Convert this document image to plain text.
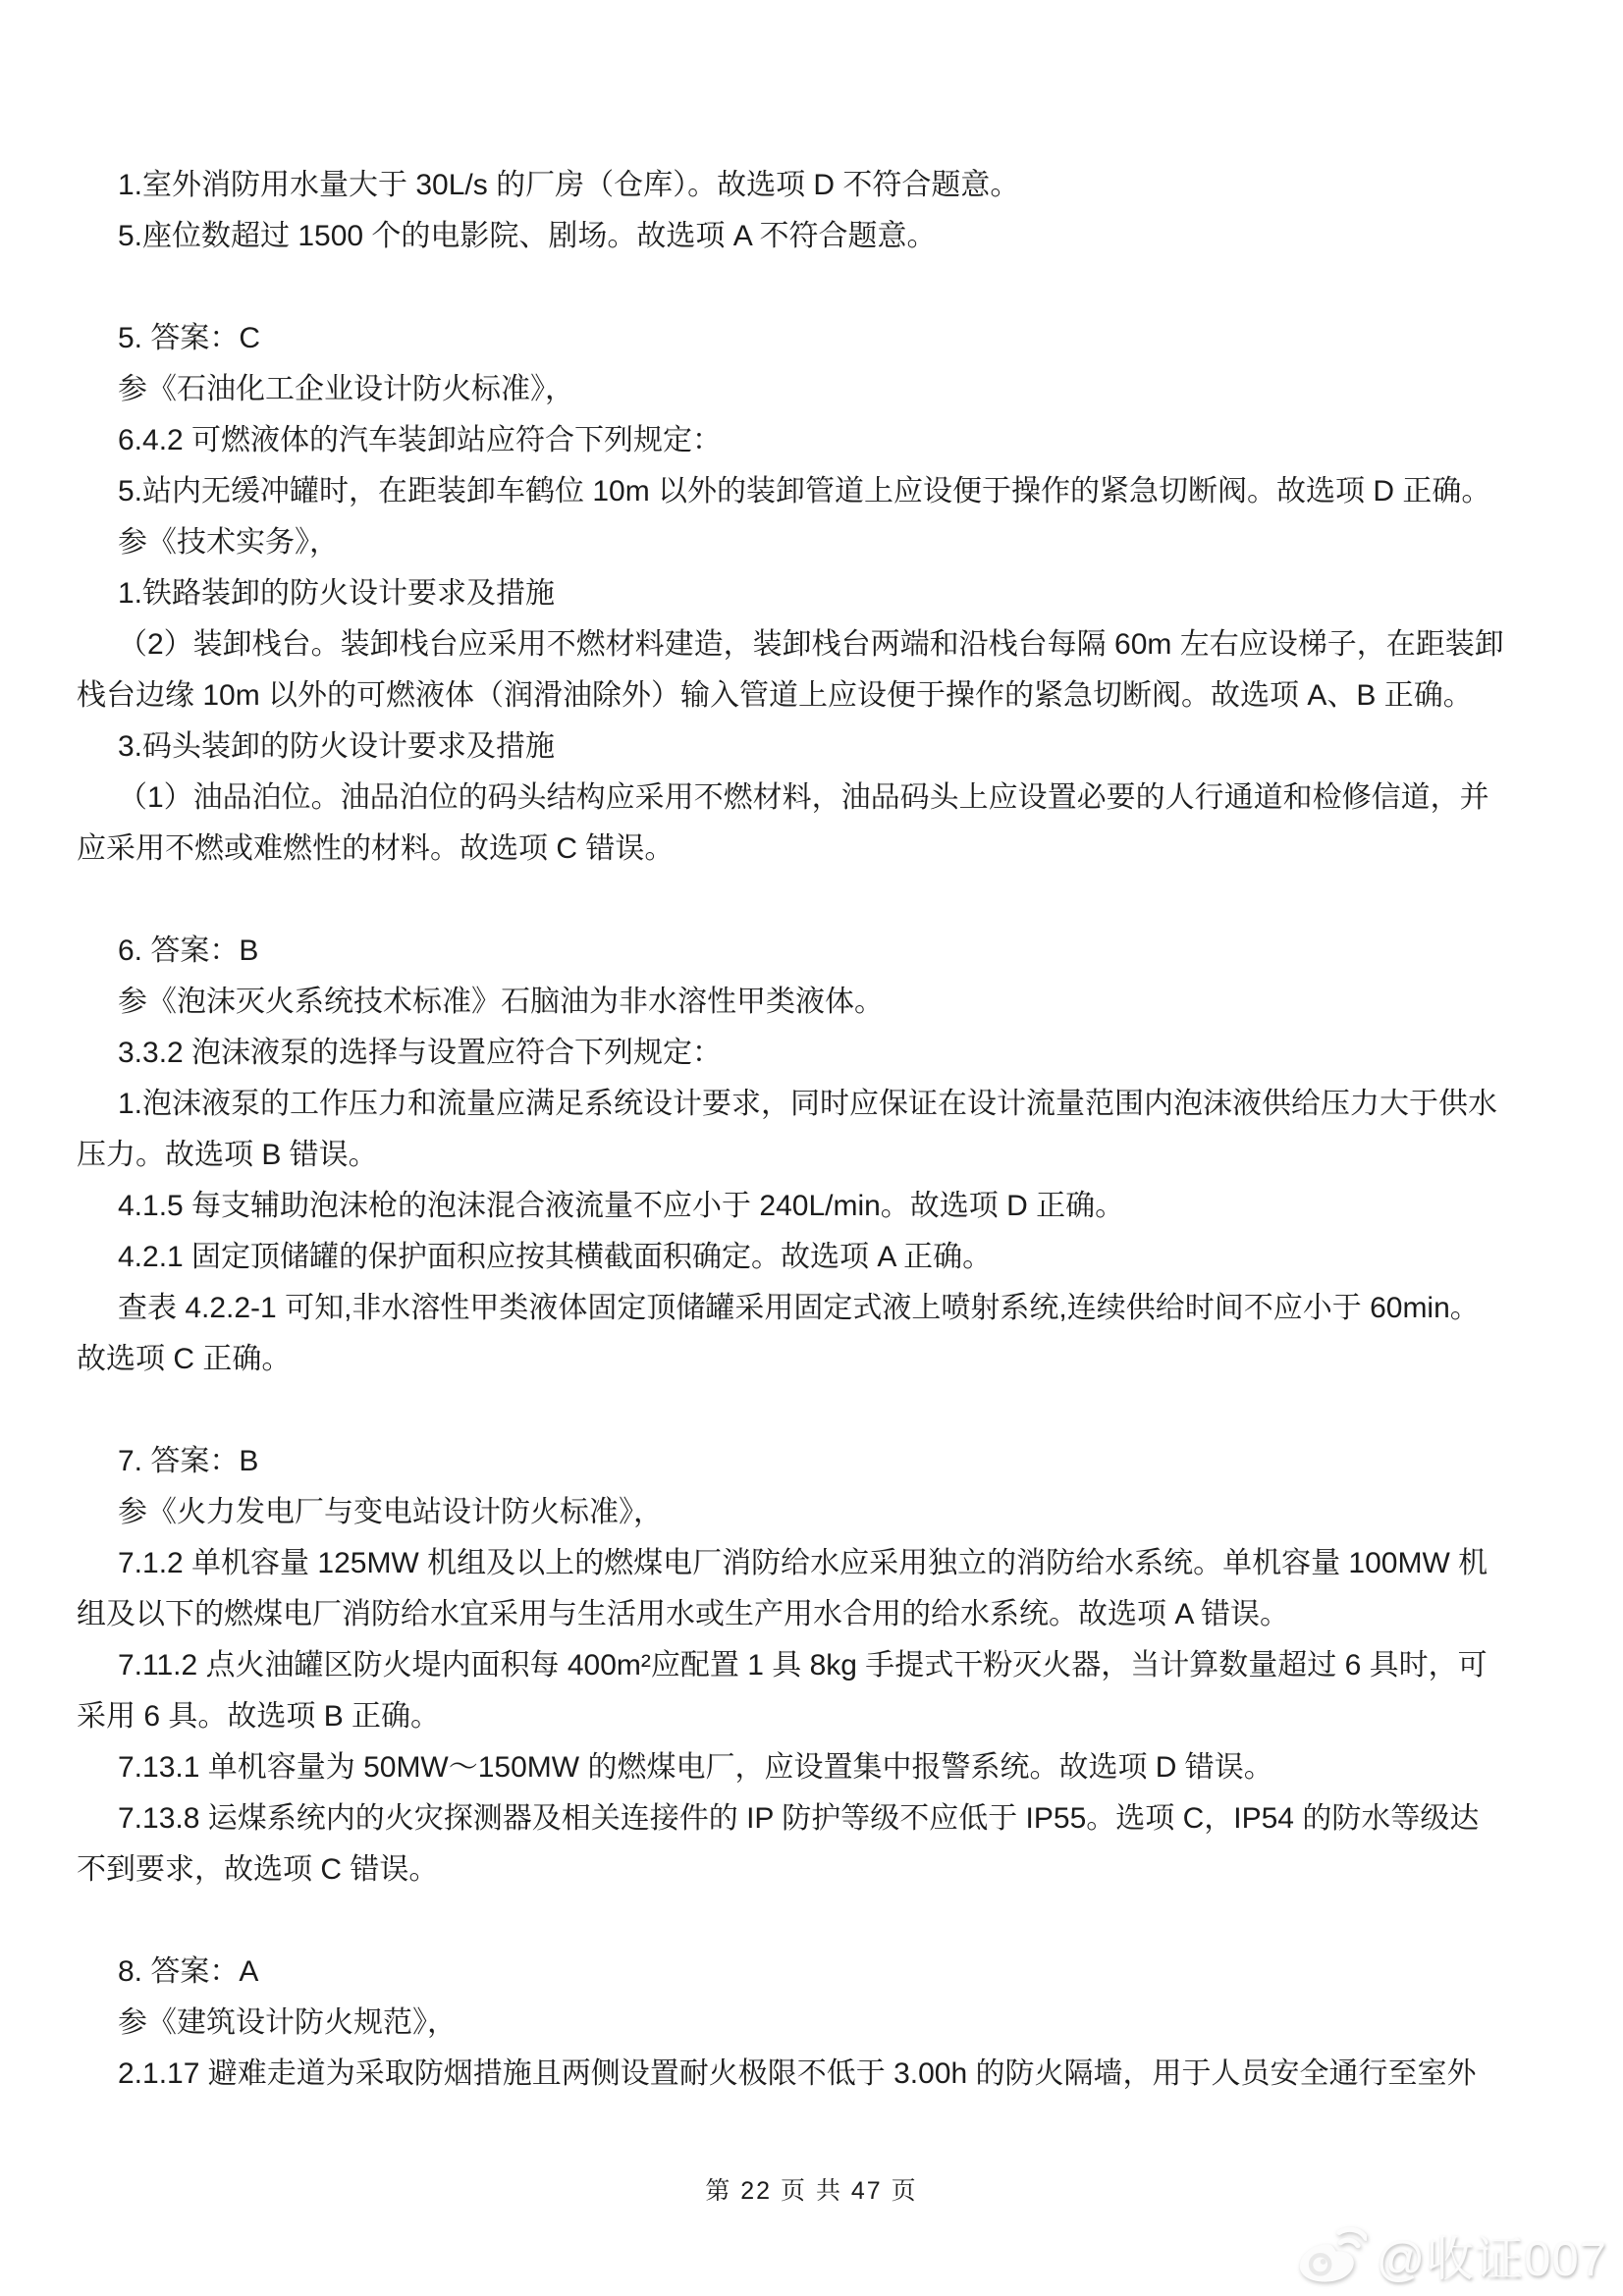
1.室外消防用水量大于 30L/s 的厂房（仓库）。故选项 D 不符合题意。
5.座位数超过 1500 个的电影院、剧场。故选项 A 不符合题意。
5. 答案：C
参《石油化工企业设计防火标准》，
6.4.2 可燃液体的汽车装卸站应符合下列规定：
5.站内无缓冲罐时，在距装卸车鹤位 10m 以外的装卸管道上应设便于操作的紧急切断阀。故选项 D 正确。
参《技术实务》，
1.铁路装卸的防火设计要求及措施
（2）装卸栈台。装卸栈台应采用不燃材料建造，装卸栈台两端和沿栈台每隔 60m 左右应设梯子，在距装卸
栈台边缘 10m 以外的可燃液体（润滑油除外）输入管道上应设便于操作的紧急切断阀。故选项 A、B 正确。
3.码头装卸的防火设计要求及措施
（1）油品泊位。油品泊位的码头结构应采用不燃材料，油品码头上应设置必要的人行通道和检修信道，并
应采用不燃或难燃性的材料。故选项 C 错误。
6. 答案：B
参《泡沫灭火系统技术标准》石脑油为非水溶性甲类液体。
3.3.2 泡沫液泵的选择与设置应符合下列规定：
1.泡沫液泵的工作压力和流量应满足系统设计要求，同时应保证在设计流量范围内泡沫液供给压力大于供水
压力。故选项 B 错误。
4.1.5 每支辅助泡沫枪的泡沫混合液流量不应小于 240L/min。故选项 D 正确。
4.2.1 固定顶储罐的保护面积应按其横截面积确定。故选项 A 正确。
查表 4.2.2-1 可知,非水溶性甲类液体固定顶储罐采用固定式液上喷射系统,连续供给时间不应小于 60min。
故选项 C 正确。
7. 答案：B
参《火力发电厂与变电站设计防火标准》，
7.1.2 单机容量 125MW 机组及以上的燃煤电厂消防给水应采用独立的消防给水系统。单机容量 100MW 机
组及以下的燃煤电厂消防给水宜采用与生活用水或生产用水合用的给水系统。故选项 A 错误。
7.11.2 点火油罐区防火堤内面积每 400m²应配置 1 具 8kg 手提式干粉灭火器，当计算数量超过 6 具时，可
采用 6 具。故选项 B 正确。
7.13.1 单机容量为 50MW～150MW 的燃煤电厂，应设置集中报警系统。故选项 D 错误。
7.13.8 运煤系统内的火灾探测器及相关连接件的 IP 防护等级不应低于 IP55。选项 C，IP54 的防水等级达
不到要求，故选项 C 错误。
8. 答案：A
参《建筑设计防火规范》，
2.1.17 避难走道为采取防烟措施且两侧设置耐火极限不低于 3.00h 的防火隔墙，用于人员安全通行至室外
第 22 页 共 47 页
@收证007
